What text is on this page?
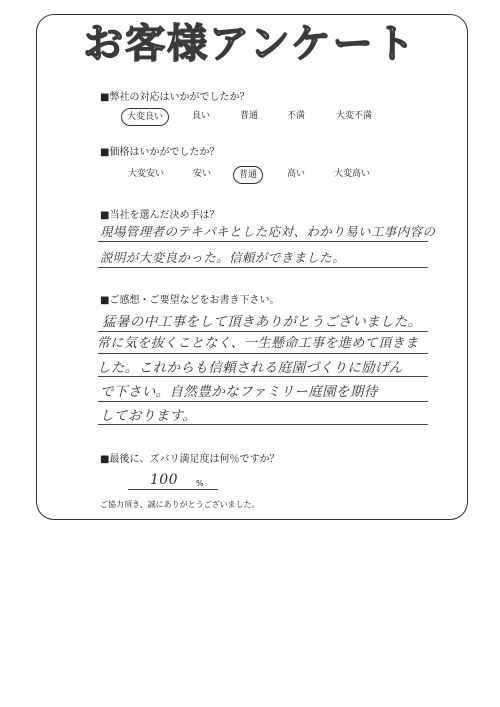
お客様アンケート
■弊社の対応はいかがでしたか？
大変良い	良い	普通	不満	大変不満
■価格はいかがでしたか？
大変安い	安い	普通	高い	大変高い
■当社を選んだ決め手は？
現場管理者のテキパキとした応対、わかり易い工事内容の
説明が大変良かった。信頼ができました。
■ご感想・ご要望などをお書き下さい。
猛暑の中工事をして頂きありがとうございました。
常に気を抜くことなく、一生懸命工事を進めて頂きま
した。これからも信頼される庭園づくりに励げん
で下さい。自然豊かなファミリー庭園を期待
しております。
■最後に、ズバリ満足度は何％ですか？
100 %
ご協力頂き、誠にありがとうございました。
